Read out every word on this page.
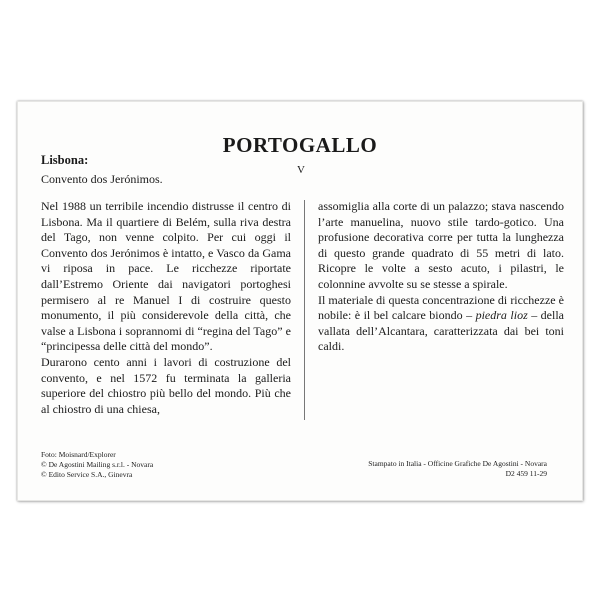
PORTOGALLO
Lisbona:
Convento dos Jerónimos.
V

Nel 1988 un terribile incendio distrusse il centro di Lisbona. Ma il quartiere di Belém, sulla riva destra del Tago, non venne colpito. Per cui oggi il Convento dos Jerónimos è intatto, e Vasco da Gama vi riposa in pace. Le ricchezze riportate dall’Estremo Oriente dai navigatori portoghesi permisero al re Manuel I di costruire questo monumento, il più considerevole della città, che valse a Lisbona i soprannomi di “regina del Tago” e “principessa delle città del mondo”.

Durarono cento anni i lavori di costruzione del convento, e nel 1572 fu terminata la galleria superiore del chiostro più bello del mondo. Più che al chiostro di una chiesa,

assomiglia alla corte di un palazzo; stava nascendo l’arte manuelina, nuovo stile tardo-gotico. Una profusione decorativa corre per tutta la lunghezza di questo grande quadrato di 55 metri di lato. Ricopre le volte a sesto acuto, i pilastri, le colonnine avvolte su se stesse a spirale.

Il materiale di questa concentrazione di ricchezze è nobile: è il bel calcare biondo – piedra lioz – della vallata dell’Alcantara, caratterizzata dai bei toni caldi.

Foto: Moisnard/Explorer
© De Agostini Mailing s.r.l. - Novara
© Edito Service S.A., Ginevra
Stampato in Italia - Officine Grafiche De Agostini - Novara
D2 459 11-29
